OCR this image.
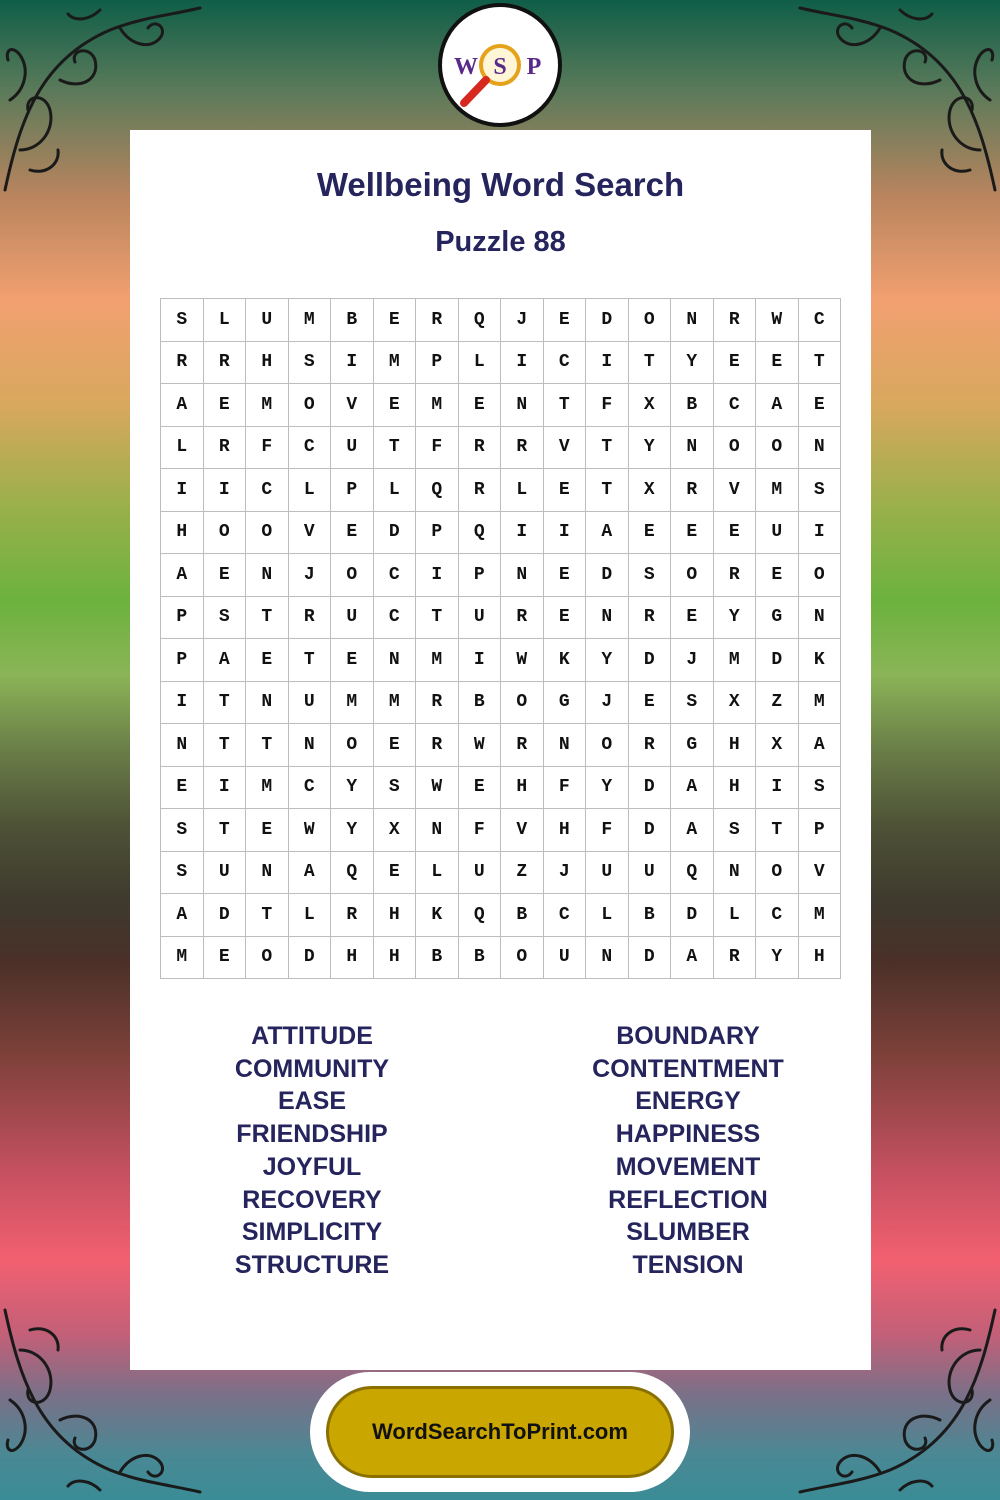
W S P
Wellbeing Word Search
Puzzle 88
S	L	U	M	B	E	R	Q	J	E	D	O	N	R	W	C
R	R	H	S	I	M	P	L	I	C	I	T	Y	E	E	T
A	E	M	O	V	E	M	E	N	T	F	X	B	C	A	E
L	R	F	C	U	T	F	R	R	V	T	Y	N	O	O	N
I	I	C	L	P	L	Q	R	L	E	T	X	R	V	M	S
H	O	O	V	E	D	P	Q	I	I	A	E	E	E	U	I
A	E	N	J	O	C	I	P	N	E	D	S	O	R	E	O
P	S	T	R	U	C	T	U	R	E	N	R	E	Y	G	N
P	A	E	T	E	N	M	I	W	K	Y	D	J	M	D	K
I	T	N	U	M	M	R	B	O	G	J	E	S	X	Z	M
N	T	T	N	O	E	R	W	R	N	O	R	G	H	X	A
E	I	M	C	Y	S	W	E	H	F	Y	D	A	H	I	S
S	T	E	W	Y	X	N	F	V	H	F	D	A	S	T	P
S	U	N	A	Q	E	L	U	Z	J	U	U	Q	N	O	V
A	D	T	L	R	H	K	Q	B	C	L	B	D	L	C	M
M	E	O	D	H	H	B	B	O	U	N	D	A	R	Y	H
ATTITUDE
COMMUNITY
EASE
FRIENDSHIP
JOYFUL
RECOVERY
SIMPLICITY
STRUCTURE
BOUNDARY
CONTENTMENT
ENERGY
HAPPINESS
MOVEMENT
REFLECTION
SLUMBER
TENSION
WordSearchToPrint.com
